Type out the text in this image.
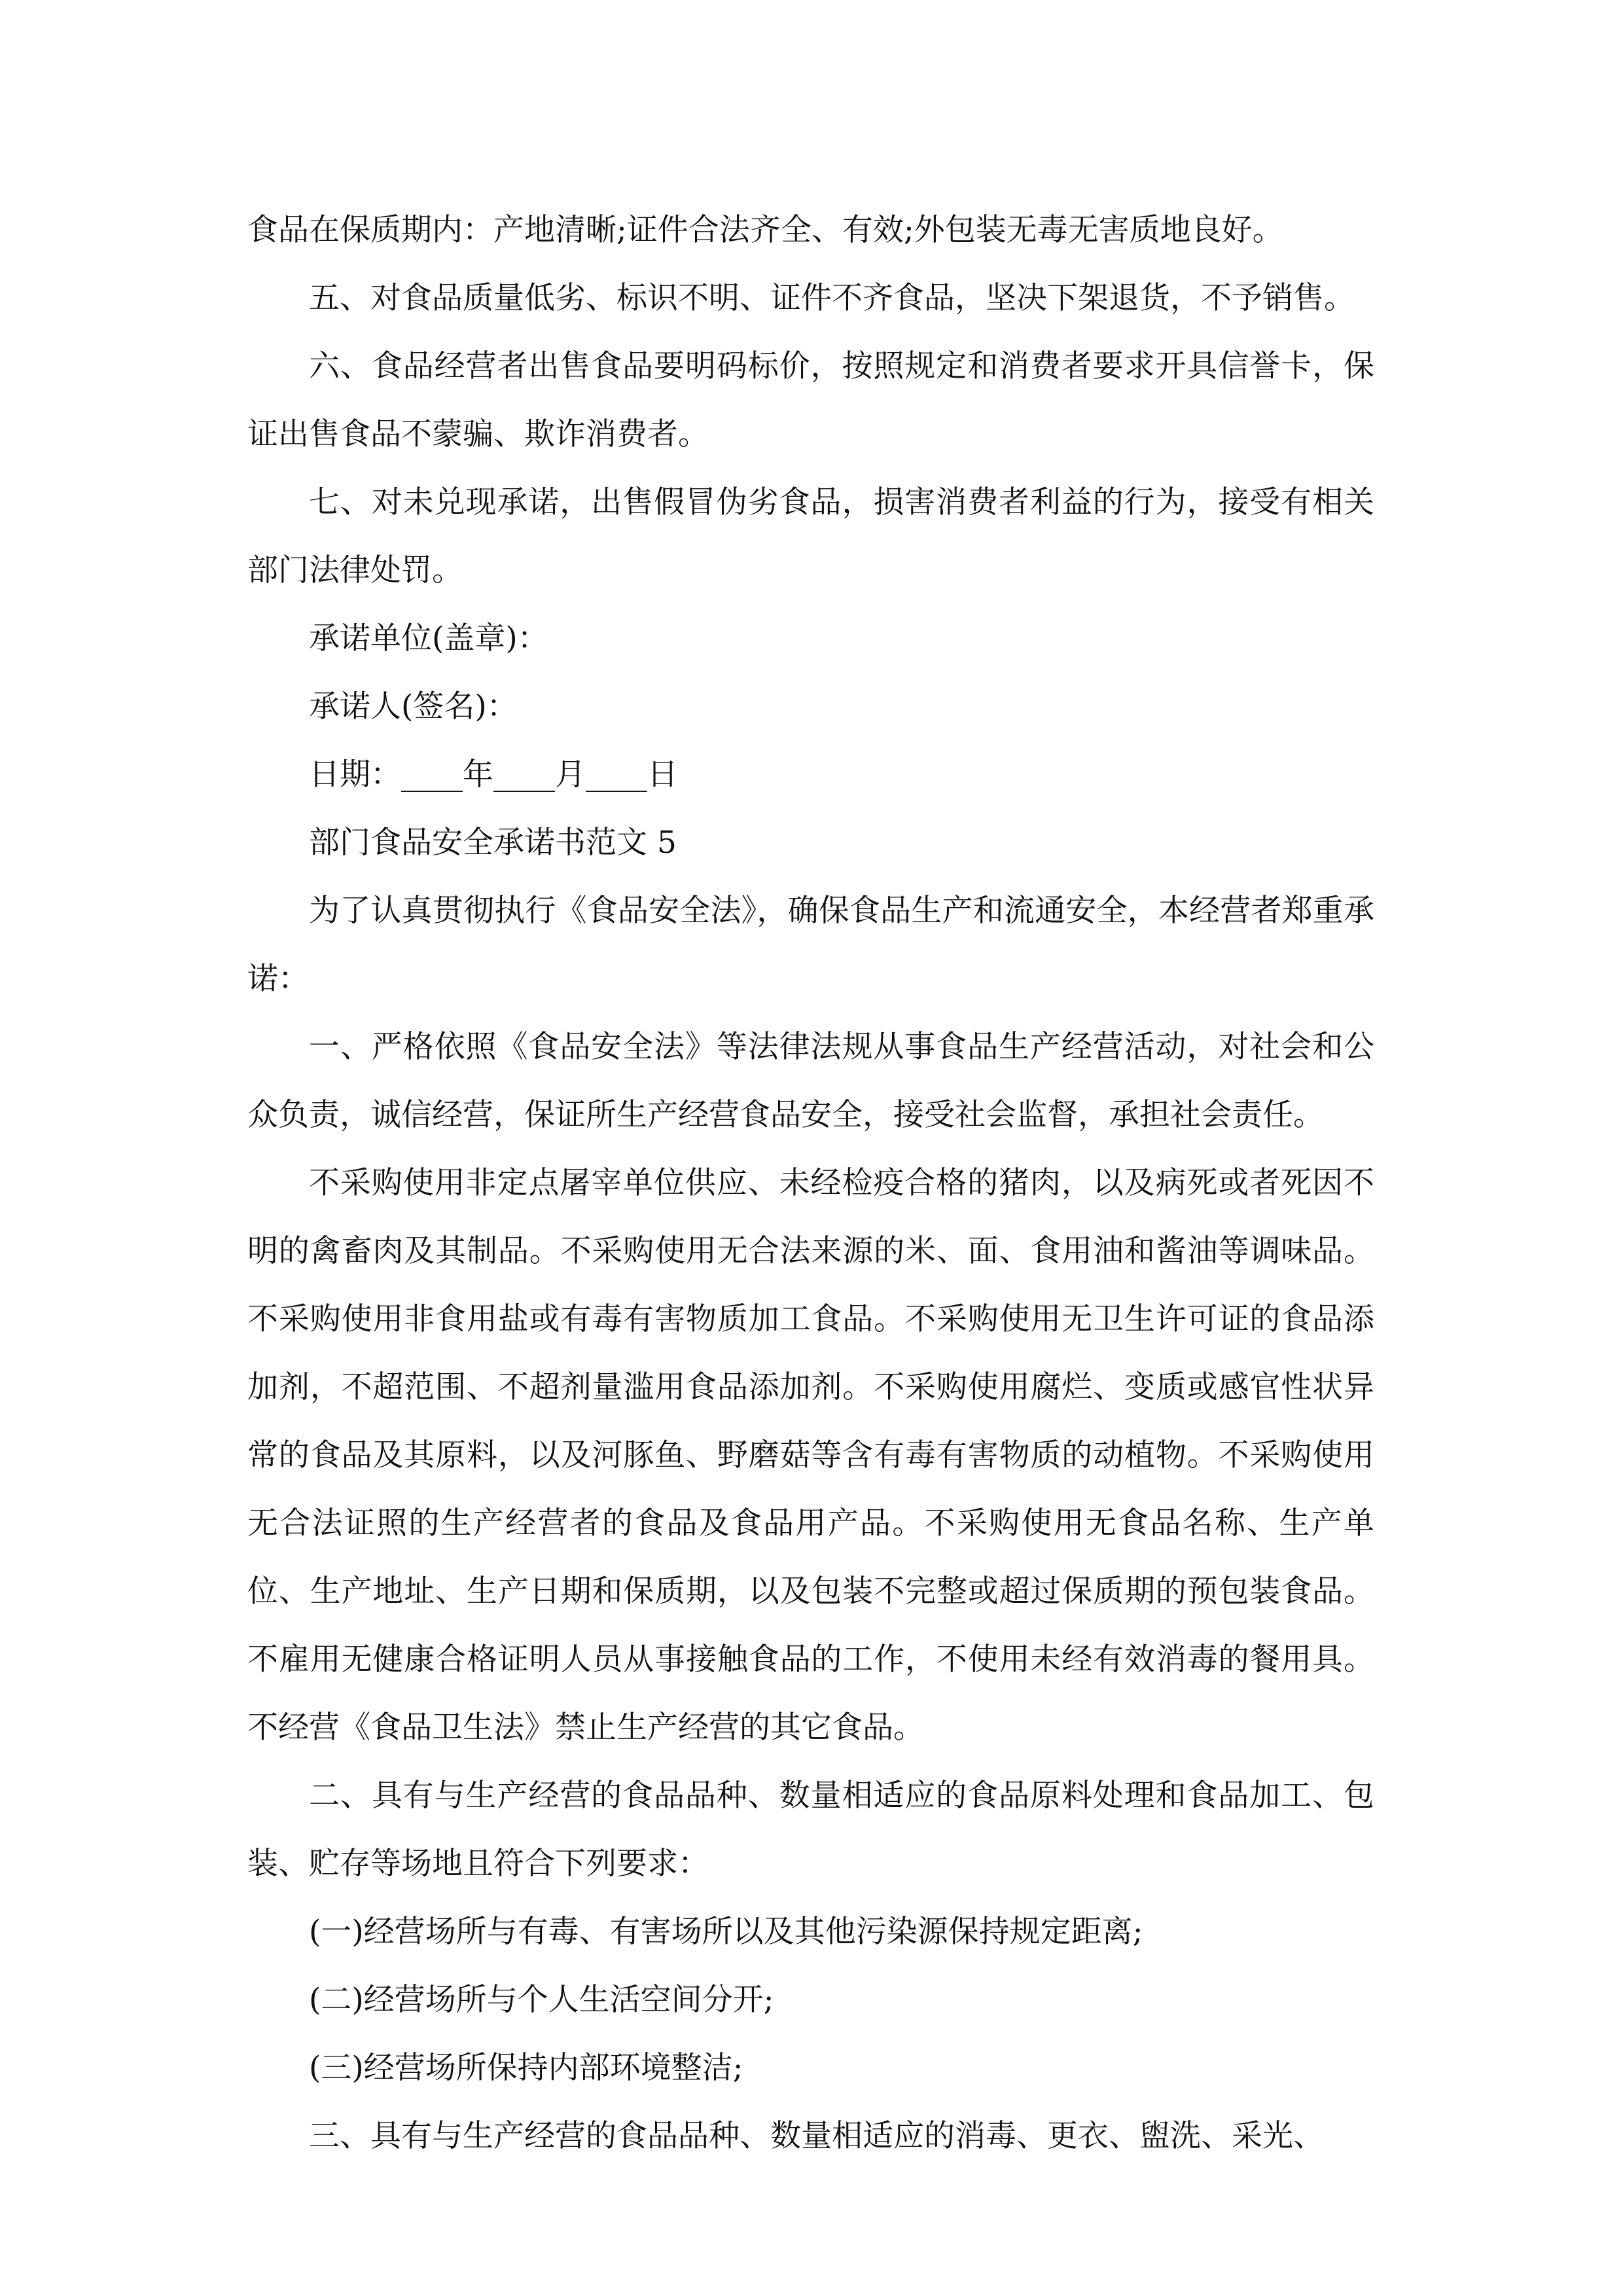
食品在保质期内：产地清晰;证件合法齐全、有效;外包装无毒无害质地良好。

五、对食品质量低劣、标识不明、证件不齐食品，坚决下架退货，不予销售。

六、食品经营者出售食品要明码标价，按照规定和消费者要求开具信誉卡，保证出售食品不蒙骗、欺诈消费者。

七、对未兑现承诺，出售假冒伪劣食品，损害消费者利益的行为，接受有相关部门法律处罚。

承诺单位(盖章)：

承诺人(签名)：

日期：____年____月____日

部门食品安全承诺书范文 5

为了认真贯彻执行《食品安全法》，确保食品生产和流通安全，本经营者郑重承诺：

一、严格依照《食品安全法》等法律法规从事食品生产经营活动，对社会和公众负责，诚信经营，保证所生产经营食品安全，接受社会监督，承担社会责任。

不采购使用非定点屠宰单位供应、未经检疫合格的猪肉，以及病死或者死因不明的禽畜肉及其制品。不采购使用无合法来源的米、面、食用油和酱油等调味品。不采购使用非食用盐或有毒有害物质加工食品。不采购使用无卫生许可证的食品添加剂，不超范围、不超剂量滥用食品添加剂。不采购使用腐烂、变质或感官性状异常的食品及其原料，以及河豚鱼、野磨菇等含有毒有害物质的动植物。不采购使用无合法证照的生产经营者的食品及食品用产品。不采购使用无食品名称、生产单位、生产地址、生产日期和保质期，以及包装不完整或超过保质期的预包装食品。不雇用无健康合格证明人员从事接触食品的工作，不使用未经有效消毒的餐用具。不经营《食品卫生法》禁止生产经营的其它食品。

二、具有与生产经营的食品品种、数量相适应的食品原料处理和食品加工、包装、贮存等场地且符合下列要求：

(一)经营场所与有毒、有害场所以及其他污染源保持规定距离;

(二)经营场所与个人生活空间分开;

(三)经营场所保持内部环境整洁;

三、具有与生产经营的食品品种、数量相适应的消毒、更衣、盥洗、采光、
